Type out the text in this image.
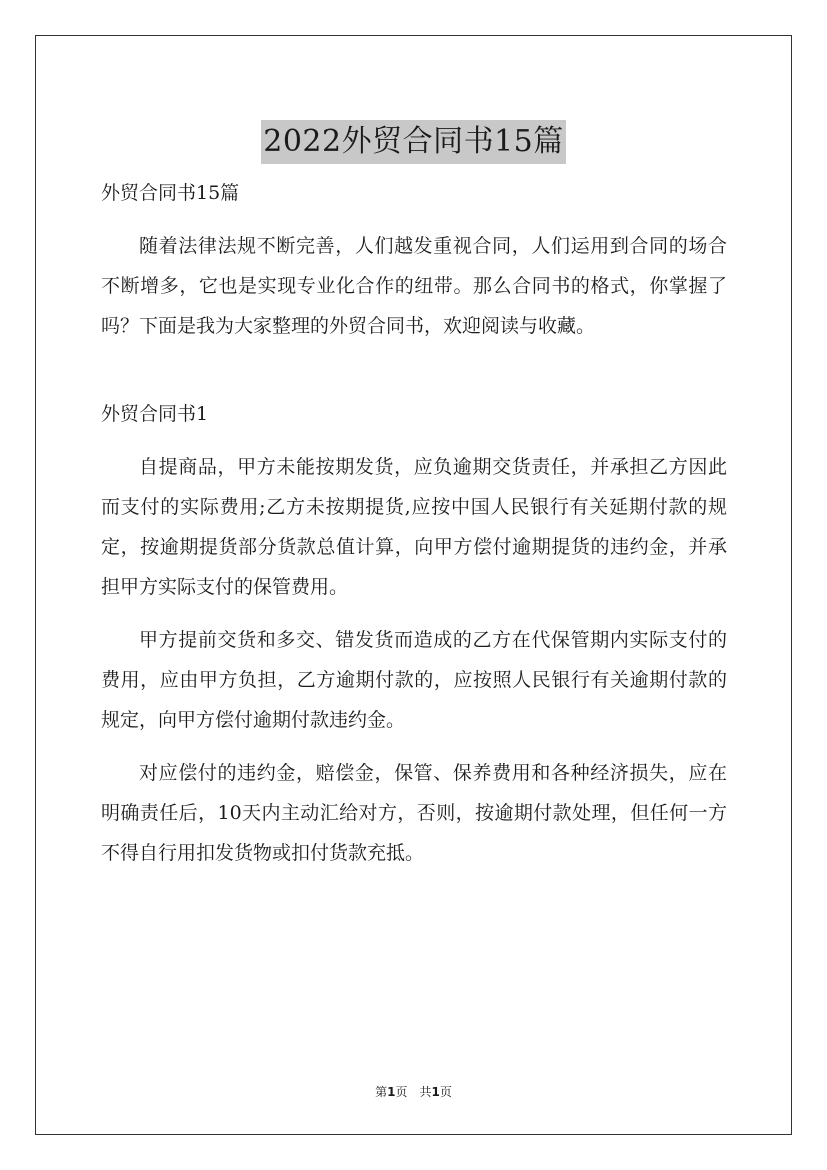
2022外贸合同书15篇

外贸合同书15篇

随着法律法规不断完善，人们越发重视合同，人们运用到合同的场合不断增多，它也是实现专业化合作的纽带。那么合同书的格式，你掌握了吗？下面是我为大家整理的外贸合同书，欢迎阅读与收藏。

外贸合同书1

自提商品，甲方未能按期发货，应负逾期交货责任，并承担乙方因此而支付的实际费用;乙方未按期提货,应按中国人民银行有关延期付款的规定，按逾期提货部分货款总值计算，向甲方偿付逾期提货的违约金，并承担甲方实际支付的保管费用。

甲方提前交货和多交、错发货而造成的乙方在代保管期内实际支付的费用，应由甲方负担，乙方逾期付款的，应按照人民银行有关逾期付款的规定，向甲方偿付逾期付款违约金。

对应偿付的违约金，赔偿金，保管、保养费用和各种经济损失，应在明确责任后，10天内主动汇给对方，否则，按逾期付款处理，但任何一方不得自行用扣发货物或扣付货款充抵。

第1页 共1页
